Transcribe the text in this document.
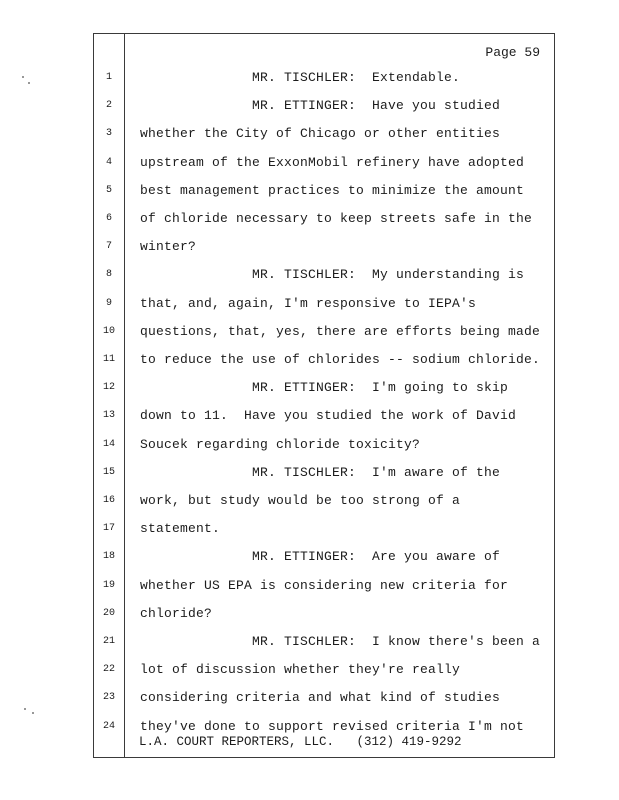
Page 59
1	MR. TISCHLER:  Extendable.
2	MR. ETTINGER:  Have you studied
3	whether the City of Chicago or other entities
4	upstream of the ExxonMobil refinery have adopted
5	best management practices to minimize the amount
6	of chloride necessary to keep streets safe in the
7	winter?
8	MR. TISCHLER:  My understanding is
9	that, and, again, I'm responsive to IEPA's
10 questions, that, yes, there are efforts being made
11 to reduce the use of chlorides -- sodium chloride.
12 MR. ETTINGER:  I'm going to skip
13 down to 11.  Have you studied the work of David
14 Soucek regarding chloride toxicity?
15 MR. TISCHLER:  I'm aware of the
16 work, but study would be too strong of a
17 statement.
18 MR. ETTINGER:  Are you aware of
19 whether US EPA is considering new criteria for
20 chloride?
21 MR. TISCHLER:  I know there's been a
22 lot of discussion whether they're really
23 considering criteria and what kind of studies
24 they've done to support revised criteria I'm not
L.A. COURT REPORTERS, LLC.   (312) 419-9292
